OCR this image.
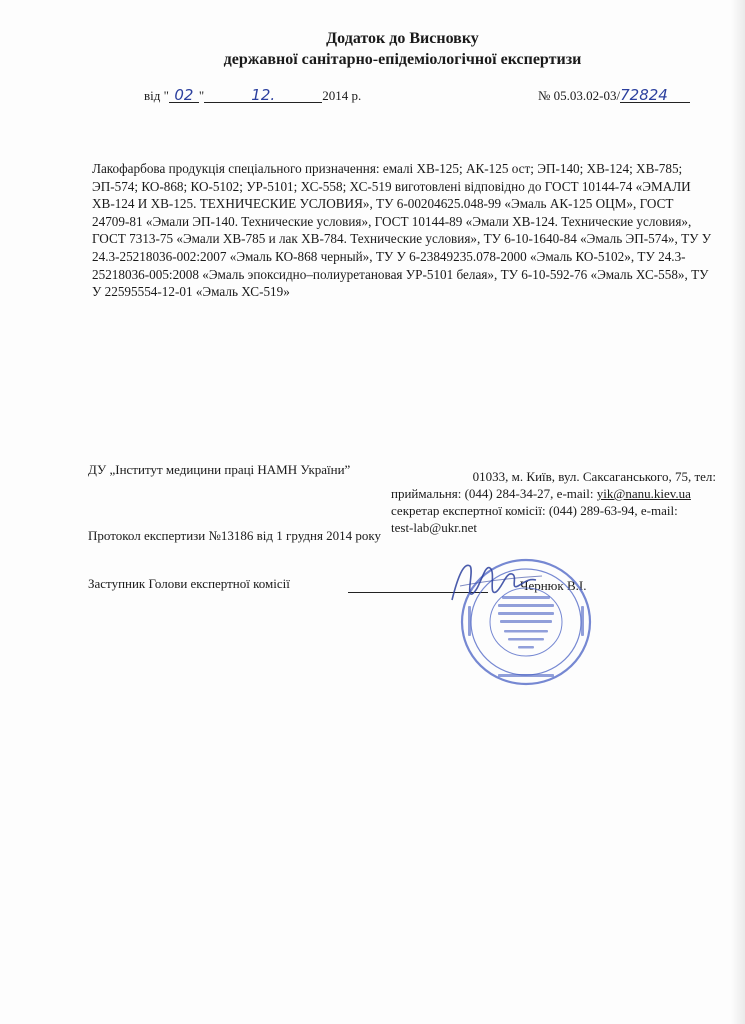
Додаток до Висновку
державної санітарно-епідеміологічної експертизи
від " 02 "	12.	2014 р.	№ 05.03.02-03/72824

Лакофарбова продукція спеціального призначення: емалі ХВ-125; АК-125 ост; ЭП-140; ХВ-124; ХВ-785; ЭП-574; КО-868; КО-5102; УР-5101; ХС-558; ХС-519 виготовлені відповідно до ГОСТ 10144-74 «ЭМАЛИ ХВ-124 И ХВ-125. ТЕХНИЧЕСКИЕ УСЛОВИЯ», ТУ 6-00204625.048-99 «Эмаль АК-125 ОЦМ», ГОСТ 24709-81 «Эмали ЭП-140. Технические условия», ГОСТ 10144-89 «Эмали ХВ-124. Технические условия», ГОСТ 7313-75 «Эмали ХВ-785 и лак ХВ-784. Технические условия», ТУ 6-10-1640-84 «Эмаль ЭП-574», ТУ У 24.3-25218036-002:2007 «Эмаль КО-868 черный», ТУ У 6-23849235.078-2000 «Эмаль КО-5102», ТУ 24.3-25218036-005:2008 «Эмаль эпоксидно–полиуретановая УР-5101 белая», ТУ 6-10-592-76 «Эмаль ХС-558», ТУ У 22595554-12-01 «Эмаль ХС-519»

ДУ „Інститут медицини праці НАМН України”	01033, м. Київ, вул. Саксаганського, 75, тел:
приймальня: (044) 284-34-27, e-mail: yik@nanu.kiev.ua
секретар експертної комісії: (044) 289-63-94, e-mail:
test-lab@ukr.net

Протокол експертизи №13186 від 1 грудня 2014 року
Заступник Голови експертної комісії	Чернюк В.І.
